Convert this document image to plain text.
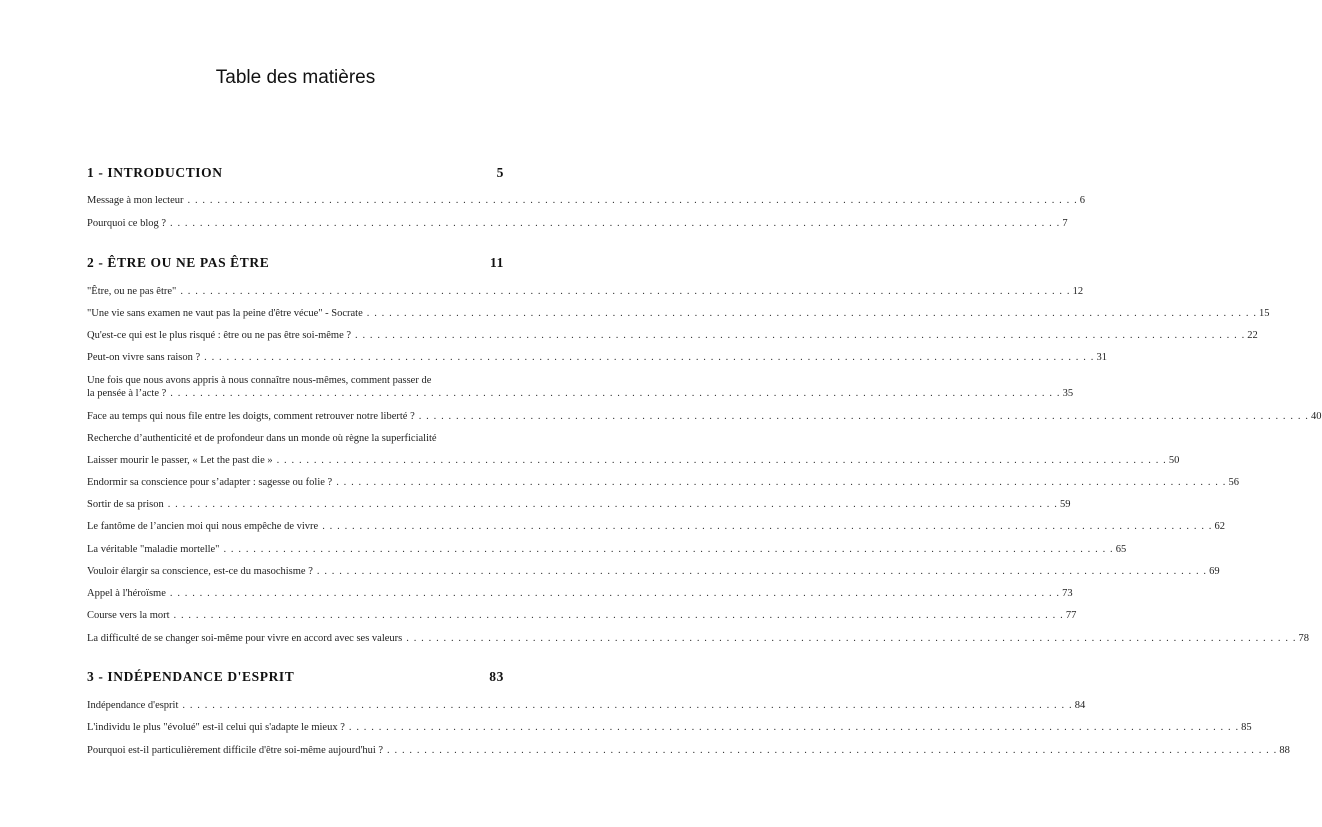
Table des matières
1 - INTRODUCTION	5
Message à mon lecteur . . . . . . . . . . . . . . . . . . . . . . . . . . . . . . . . . . . . . . . . . . . . . . . . . . . . . . . . . . . . . . . . . . . . . . . . . . . . . . . . . . . . . . . . . . . . . . . . . . . . . . . . . . . . . . . . . . . . . . . . 6
Pourquoi ce blog ? . . . . . . . . . . . . . . . . . . . . . . . . . . . . . . . . . . . . . . . . . . . . . . . . . . . . . . . . . . . . . . . . . . . . . . . . . . . . . . . . . . . . . . . . . . . . . . . . . . . . . . . . . . . . . . . . . . . . . . . . 7
2 - ÊTRE OU NE PAS ÊTRE	11
"Être, ou ne pas être" . . . . . . . . . . . . . . . . . . . . . . . . . . . . . . . . . . . . . . . . . . . . . . . . . . . . . . . . . . . . . . . . . . . . . . . . . . . . . . . . . . . . . . . . . . . . . . . . . . . . . . . . . . . . . . . . . . . . . . . . 12
"Une vie sans examen ne vaut pas la peine d'être vécue" - Socrate . . . . . . . . . . . . . . . . . . . . . . . . . . . . . . . . . . . . . . . . . . . . . . . . . . . . . . . . . . . . . . . . . . . . . . . . . . . . . . . . . . . . . . . . . . . . . . . . . . . . . . . . . . . . . . . . . . . . . . . . 15
Qu'est-ce qui est le plus risqué : être ou ne pas être soi-même ? . . . . . . . . . . . . . . . . . . . . . . . . . . . . . . . . . . . . . . . . . . . . . . . . . . . . . . . . . . . . . . . . . . . . . . . . . . . . . . . . . . . . . . . . . . . . . . . . . . . . . . . . . . . . . . . . . . . . . . . . 22
Peut-on vivre sans raison ? . . . . . . . . . . . . . . . . . . . . . . . . . . . . . . . . . . . . . . . . . . . . . . . . . . . . . . . . . . . . . . . . . . . . . . . . . . . . . . . . . . . . . . . . . . . . . . . . . . . . . . . . . . . . . . . . . . . . . . . . 31
Une fois que nous avons appris à nous connaître nous-mêmes, comment passer de
la pensée à l’acte ? . . . . . . . . . . . . . . . . . . . . . . . . . . . . . . . . . . . . . . . . . . . . . . . . . . . . . . . . . . . . . . . . . . . . . . . . . . . . . . . . . . . . . . . . . . . . . . . . . . . . . . . . . . . . . . . . . . . . . . . . 35
Face au temps qui nous file entre les doigts, comment retrouver notre liberté ? . . . . . . . . . . . . . . . . . . . . . . . . . . . . . . . . . . . . . . . . . . . . . . . . . . . . . . . . . . . . . . . . . . . . . . . . . . . . . . . . . . . . . . . . . . . . . . . . . . . . . . . . . . . . . . . . . . . . . . . . 40
Recherche d’authenticité et de profondeur dans un monde où règne la superficialité
Laisser mourir le passer, « Let the past die » . . . . . . . . . . . . . . . . . . . . . . . . . . . . . . . . . . . . . . . . . . . . . . . . . . . . . . . . . . . . . . . . . . . . . . . . . . . . . . . . . . . . . . . . . . . . . . . . . . . . . . . . . . . . . . . . . . . . . . . . 50
Endormir sa conscience pour s’adapter : sagesse ou folie ? . . . . . . . . . . . . . . . . . . . . . . . . . . . . . . . . . . . . . . . . . . . . . . . . . . . . . . . . . . . . . . . . . . . . . . . . . . . . . . . . . . . . . . . . . . . . . . . . . . . . . . . . . . . . . . . . . . . . . . . . 56
Sortir de sa prison . . . . . . . . . . . . . . . . . . . . . . . . . . . . . . . . . . . . . . . . . . . . . . . . . . . . . . . . . . . . . . . . . . . . . . . . . . . . . . . . . . . . . . . . . . . . . . . . . . . . . . . . . . . . . . . . . . . . . . . . 59
Le fantôme de l’ancien moi qui nous empêche de vivre . . . . . . . . . . . . . . . . . . . . . . . . . . . . . . . . . . . . . . . . . . . . . . . . . . . . . . . . . . . . . . . . . . . . . . . . . . . . . . . . . . . . . . . . . . . . . . . . . . . . . . . . . . . . . . . . . . . . . . . . 62
La véritable "maladie mortelle" . . . . . . . . . . . . . . . . . . . . . . . . . . . . . . . . . . . . . . . . . . . . . . . . . . . . . . . . . . . . . . . . . . . . . . . . . . . . . . . . . . . . . . . . . . . . . . . . . . . . . . . . . . . . . . . . . . . . . . . . 65
Vouloir élargir sa conscience, est-ce du masochisme ? . . . . . . . . . . . . . . . . . . . . . . . . . . . . . . . . . . . . . . . . . . . . . . . . . . . . . . . . . . . . . . . . . . . . . . . . . . . . . . . . . . . . . . . . . . . . . . . . . . . . . . . . . . . . . . . . . . . . . . . . 69
Appel à l'héroïsme . . . . . . . . . . . . . . . . . . . . . . . . . . . . . . . . . . . . . . . . . . . . . . . . . . . . . . . . . . . . . . . . . . . . . . . . . . . . . . . . . . . . . . . . . . . . . . . . . . . . . . . . . . . . . . . . . . . . . . . . 73
Course vers la mort . . . . . . . . . . . . . . . . . . . . . . . . . . . . . . . . . . . . . . . . . . . . . . . . . . . . . . . . . . . . . . . . . . . . . . . . . . . . . . . . . . . . . . . . . . . . . . . . . . . . . . . . . . . . . . . . . . . . . . . . 77
La difficulté de se changer soi-même pour vivre en accord avec ses valeurs . . . . . . . . . . . . . . . . . . . . . . . . . . . . . . . . . . . . . . . . . . . . . . . . . . . . . . . . . . . . . . . . . . . . . . . . . . . . . . . . . . . . . . . . . . . . . . . . . . . . . . . . . . . . . . . . . . . . . . . . 78
3 - INDÉPENDANCE D'ESPRIT	83
Indépendance d'esprit . . . . . . . . . . . . . . . . . . . . . . . . . . . . . . . . . . . . . . . . . . . . . . . . . . . . . . . . . . . . . . . . . . . . . . . . . . . . . . . . . . . . . . . . . . . . . . . . . . . . . . . . . . . . . . . . . . . . . . . . 84
L'individu le plus "évolué" est-il celui qui s'adapte le mieux ? . . . . . . . . . . . . . . . . . . . . . . . . . . . . . . . . . . . . . . . . . . . . . . . . . . . . . . . . . . . . . . . . . . . . . . . . . . . . . . . . . . . . . . . . . . . . . . . . . . . . . . . . . . . . . . . . . . . . . . . . 85
Pourquoi est-il particulièrement difficile d'être soi-même aujourd'hui ? . . . . . . . . . . . . . . . . . . . . . . . . . . . . . . . . . . . . . . . . . . . . . . . . . . . . . . . . . . . . . . . . . . . . . . . . . . . . . . . . . . . . . . . . . . . . . . . . . . . . . . . . . . . . . . . . . . . . . . . . 88
